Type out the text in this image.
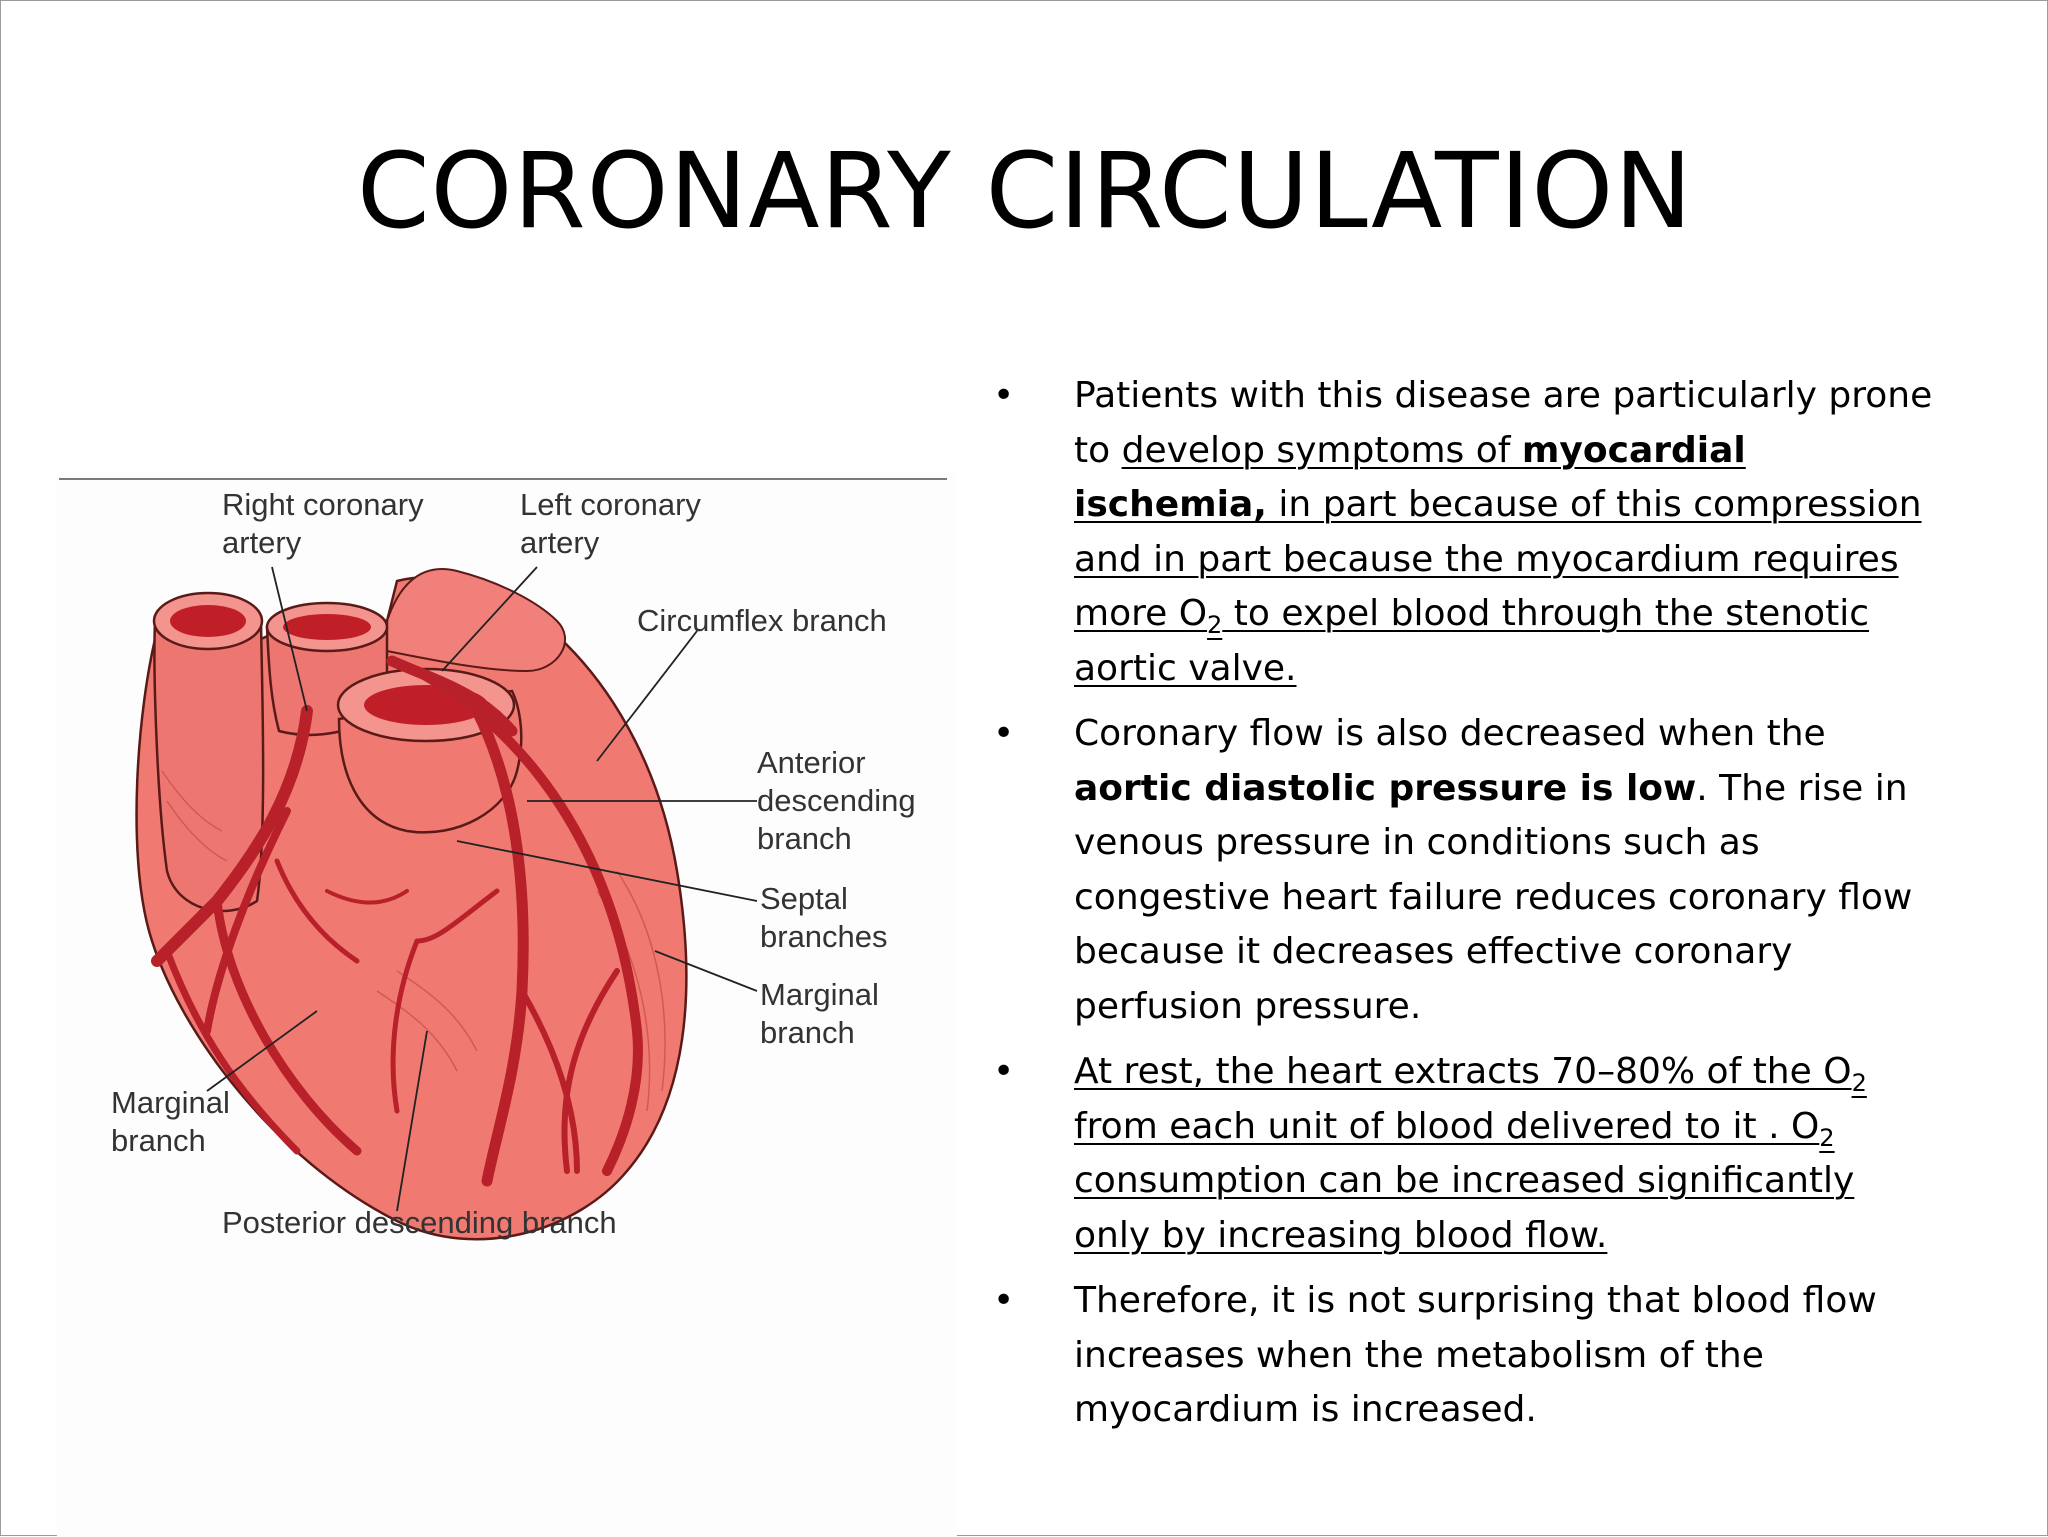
CORONARY CIRCULATION
Right coronary
artery
Left coronary
artery
Circumflex branch
Anterior
descending
branch
Septal
branches
Marginal
branch
Marginal
branch
Posterior descending branch
• Patients with this disease are particularly prone to develop symptoms of myocardial ischemia, in part because of this compression and in part because the myocardium requires more $O_2$ to expel blood through the stenotic aortic valve.
• Coronary flow is also decreased when the aortic diastolic pressure is low. The rise in venous pressure in conditions such as congestive heart failure reduces coronary flow because it decreases effective coronary perfusion pressure.
• At rest, the heart extracts 70–80% of the $O_2$ from each unit of blood delivered to it . $O_2$ consumption can be increased significantly only by increasing blood flow.
• Therefore, it is not surprising that blood flow increases when the metabolism of the myocardium is increased.
